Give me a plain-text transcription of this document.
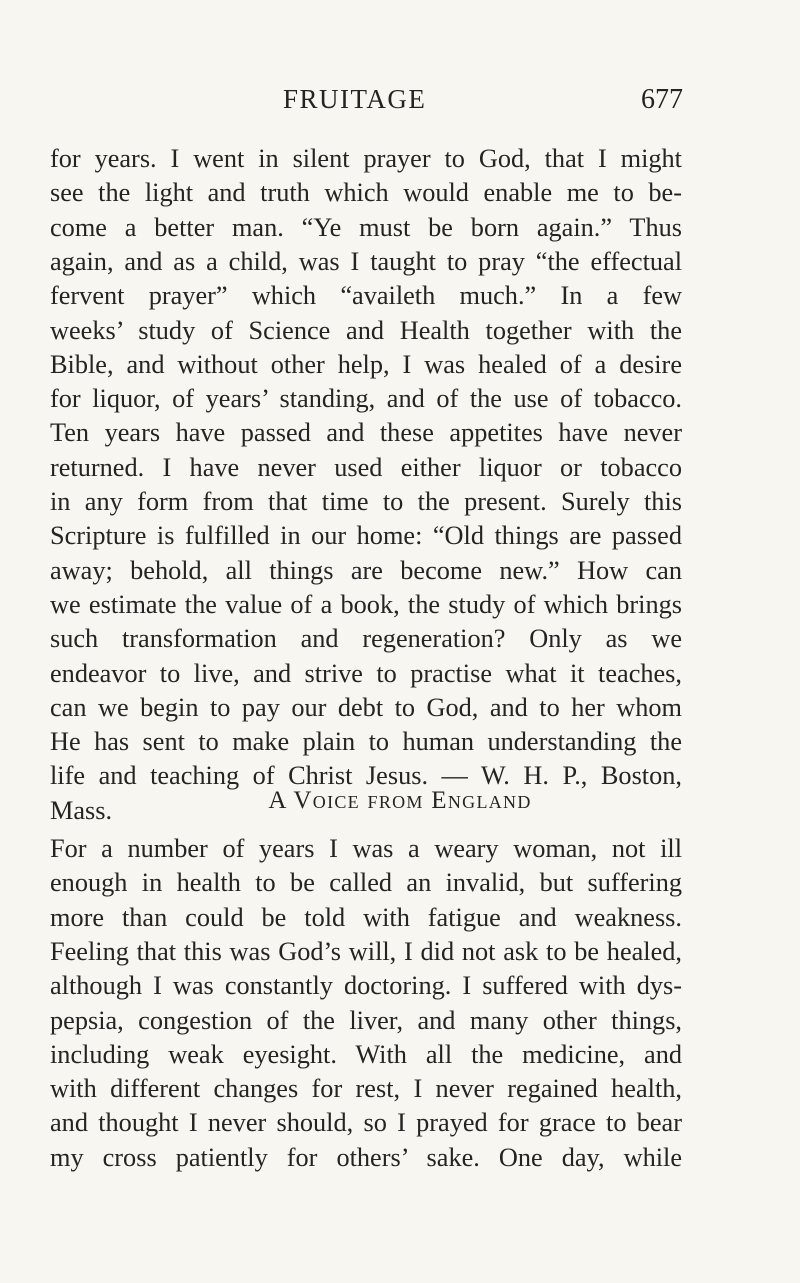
FRUITAGE	677
for years. I went in silent prayer to God, that I might
see the light and truth which would enable me to be-
come a better man. “Ye must be born again.” Thus
again, and as a child, was I taught to pray “the effectual
fervent prayer” which “availeth much.” In a few
weeks’ study of Science and Health together with the
Bible, and without other help, I was healed of a desire
for liquor, of years’ standing, and of the use of tobacco.
Ten years have passed and these appetites have never
returned. I have never used either liquor or tobacco
in any form from that time to the present. Surely this
Scripture is fulfilled in our home: “Old things are passed
away; behold, all things are become new.” How can
we estimate the value of a book, the study of which brings
such transformation and regeneration? Only as we
endeavor to live, and strive to practise what it teaches,
can we begin to pay our debt to God, and to her whom
He has sent to make plain to human understanding the
life and teaching of Christ Jesus. — W. H. P., Boston,
Mass.	A Voice from England
For a number of years I was a weary woman, not ill
enough in health to be called an invalid, but suffering
more than could be told with fatigue and weakness.
Feeling that this was God’s will, I did not ask to be healed,
although I was constantly doctoring. I suffered with dys-
pepsia, congestion of the liver, and many other things,
including weak eyesight. With all the medicine, and
with different changes for rest, I never regained health,
and thought I never should, so I prayed for grace to bear
my cross patiently for others’ sake. One day, while
